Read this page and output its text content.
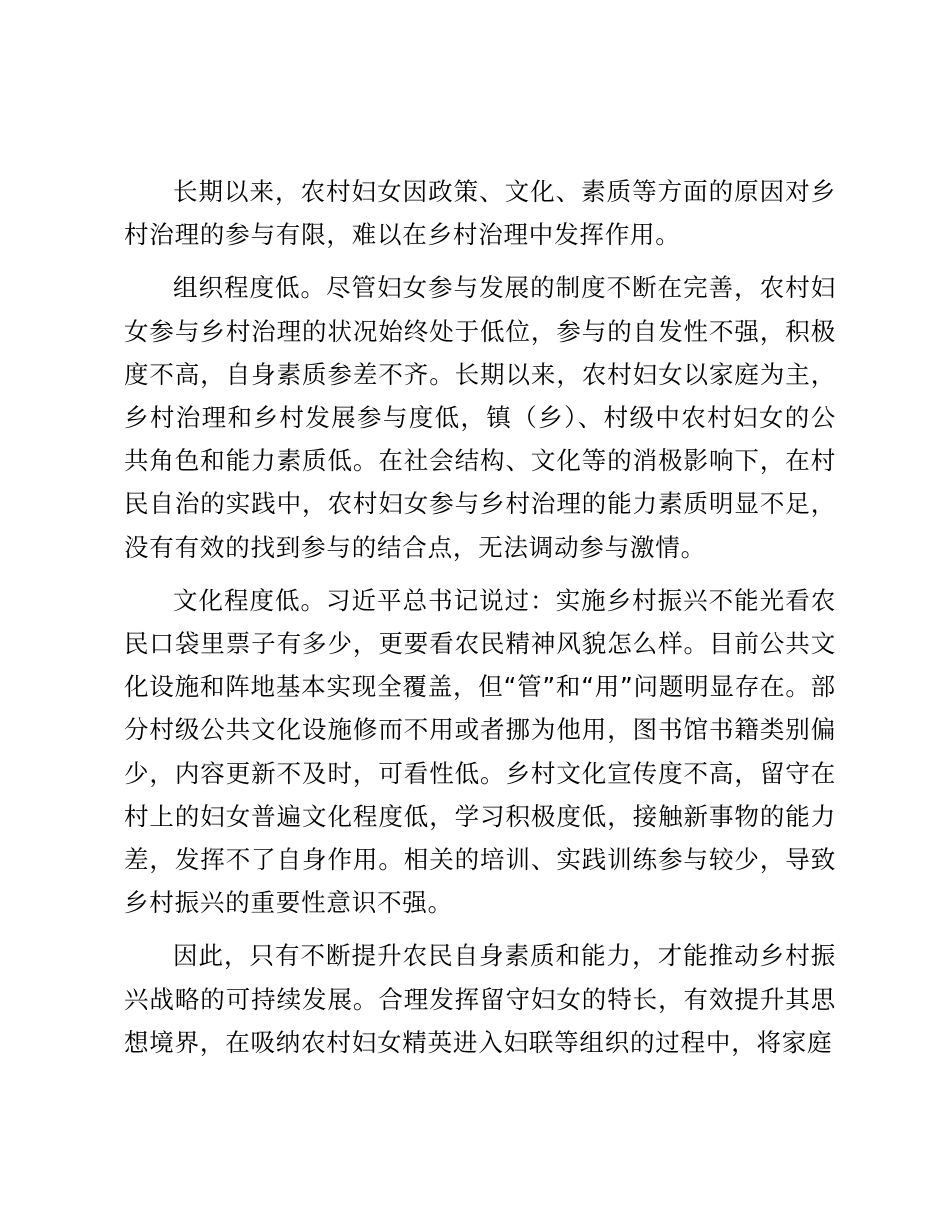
长期以来，农村妇女因政策、文化、素质等方面的原因对乡村治理的参与有限，难以在乡村治理中发挥作用。

组织程度低。尽管妇女参与发展的制度不断在完善，农村妇女参与乡村治理的状况始终处于低位，参与的自发性不强，积极度不高，自身素质参差不齐。长期以来，农村妇女以家庭为主，乡村治理和乡村发展参与度低，镇（乡）、村级中农村妇女的公共角色和能力素质低。在社会结构、文化等的消极影响下，在村民自治的实践中，农村妇女参与乡村治理的能力素质明显不足，没有有效的找到参与的结合点，无法调动参与激情。

文化程度低。习近平总书记说过：实施乡村振兴不能光看农民口袋里票子有多少，更要看农民精神风貌怎么样。目前公共文化设施和阵地基本实现全覆盖，但“管”和“用”问题明显存在。部分村级公共文化设施修而不用或者挪为他用，图书馆书籍类别偏少，内容更新不及时，可看性低。乡村文化宣传度不高，留守在村上的妇女普遍文化程度低，学习积极度低，接触新事物的能力差，发挥不了自身作用。相关的培训、实践训练参与较少，导致乡村振兴的重要性意识不强。

因此，只有不断提升农民自身素质和能力，才能推动乡村振兴战略的可持续发展。合理发挥留守妇女的特长，有效提升其思想境界，在吸纳农村妇女精英进入妇联等组织的过程中，将家庭
